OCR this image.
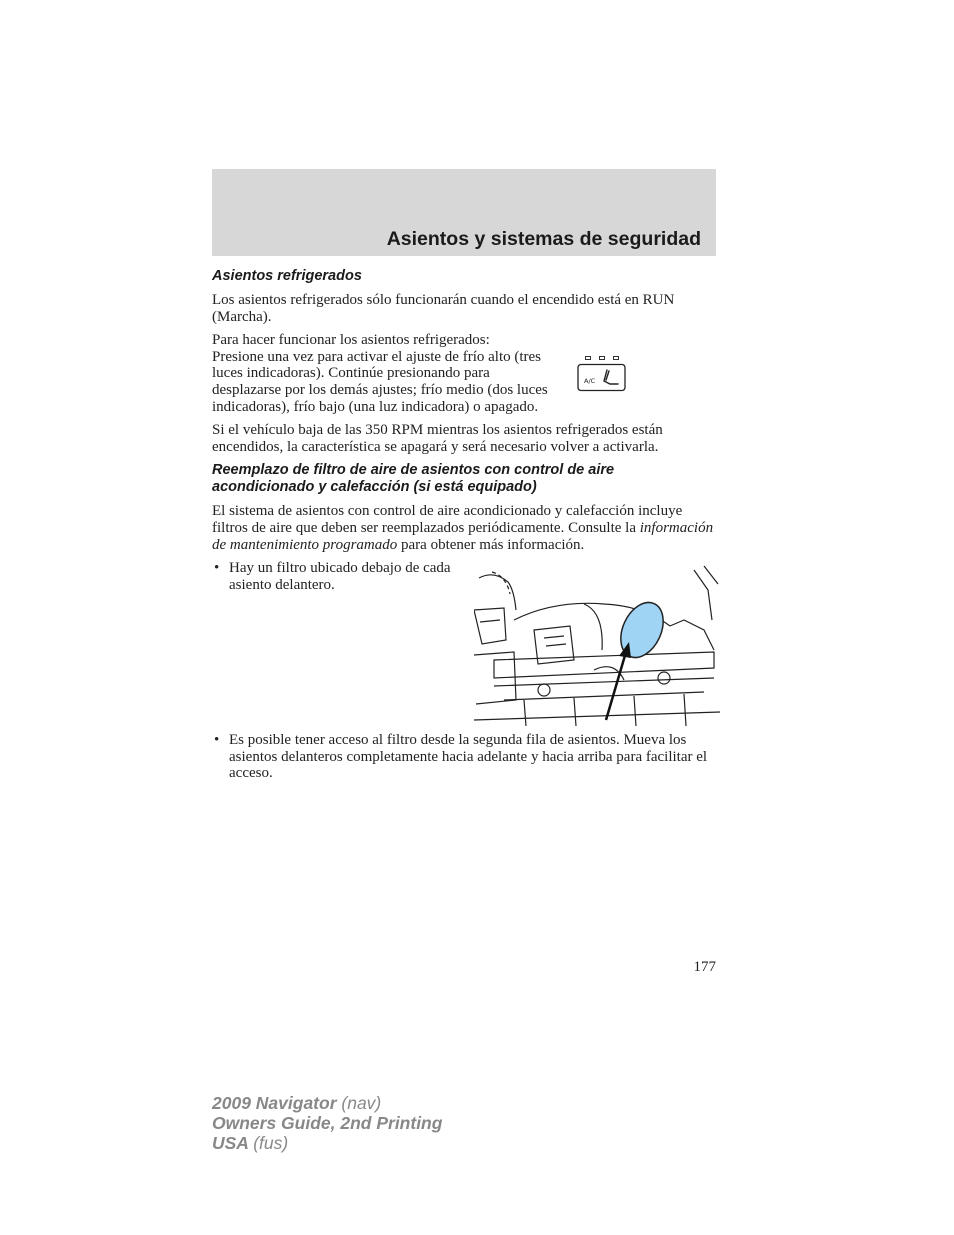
Asientos y sistemas de seguridad
Asientos refrigerados

Los asientos refrigerados sólo funcionarán cuando el encendido está en RUN (Marcha).

Para hacer funcionar los asientos refrigerados:

A/C

Presione una vez para activar el ajuste de frío alto (tres luces indicadoras). Continúe presionando para desplazarse por los demás ajustes; frío medio (dos luces indicadoras), frío bajo (una luz indicadora) o apagado.

Si el vehículo baja de las 350 RPM mientras los asientos refrigerados están encendidos, la característica se apagará y será necesario volver a activarla.

Reemplazo de filtro de aire de asientos con control de aire acondicionado y calefacción (si está equipado)

El sistema de asientos con control de aire acondicionado y calefacción incluye filtros de aire que deben ser reemplazados periódicamente. Consulte la información de mantenimiento programado para obtener más información.

• Hay un filtro ubicado debajo de cada asiento delantero.
• Es posible tener acceso al filtro desde la segunda fila de asientos. Mueva los asientos delanteros completamente hacia adelante y hacia arriba para facilitar el acceso.
177
2009 Navigator (nav)
Owners Guide, 2nd Printing
USA (fus)
